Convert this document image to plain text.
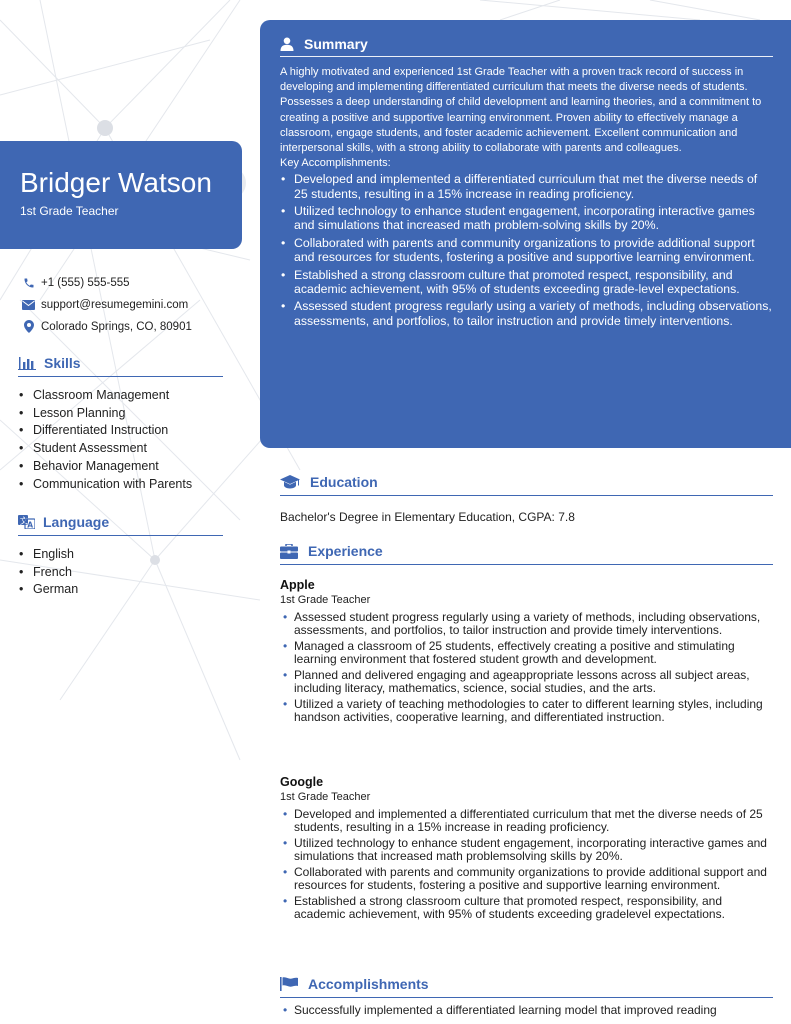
Bridger Watson
1st Grade Teacher
+1 (555) 555-555
support@resumegemini.com
Colorado Springs, CO, 80901
Skills
• Classroom Management
• Lesson Planning
• Differentiated Instruction
• Student Assessment
• Behavior Management
• Communication with Parents
文 A Language
• English
• French
• German
Summary
A highly motivated and experienced 1st Grade Teacher with a proven track record of success in developing and implementing differentiated curriculum that meets the diverse needs of students. Possesses a deep understanding of child development and learning theories, and a commitment to creating a positive and supportive learning environment. Proven ability to effectively manage a classroom, engage students, and foster academic achievement. Excellent communication and interpersonal skills, with a strong ability to collaborate with parents and colleagues.
Key Accomplishments:
• Developed and implemented a differentiated curriculum that met the diverse needs of 25 students, resulting in a 15% increase in reading proficiency.
• Utilized technology to enhance student engagement, incorporating interactive games and simulations that increased math problem-solving skills by 20%.
• Collaborated with parents and community organizations to provide additional support and resources for students, fostering a positive and supportive learning environment.
• Established a strong classroom culture that promoted respect, responsibility, and academic achievement, with 95% of students exceeding grade-level expectations.
• Assessed student progress regularly using a variety of methods, including observations, assessments, and portfolios, to tailor instruction and provide timely interventions.
Education
Bachelor's Degree in Elementary Education, CGPA: 7.8
Experience
Apple
1st Grade Teacher
• Assessed student progress regularly using a variety of methods, including observations, assessments, and portfolios, to tailor instruction and provide timely interventions.
• Managed a classroom of 25 students, effectively creating a positive and stimulating learning environment that fostered student growth and development.
• Planned and delivered engaging and ageappropriate lessons across all subject areas, including literacy, mathematics, science, social studies, and the arts.
• Utilized a variety of teaching methodologies to cater to different learning styles, including handson activities, cooperative learning, and differentiated instruction.
Google
1st Grade Teacher
• Developed and implemented a differentiated curriculum that met the diverse needs of 25 students, resulting in a 15% increase in reading proficiency.
• Utilized technology to enhance student engagement, incorporating interactive games and simulations that increased math problemsolving skills by 20%.
• Collaborated with parents and community organizations to provide additional support and resources for students, fostering a positive and supportive learning environment.
• Established a strong classroom culture that promoted respect, responsibility, and academic achievement, with 95% of students exceeding gradelevel expectations.
Accomplishments
• Successfully implemented a differentiated learning model that improved reading
